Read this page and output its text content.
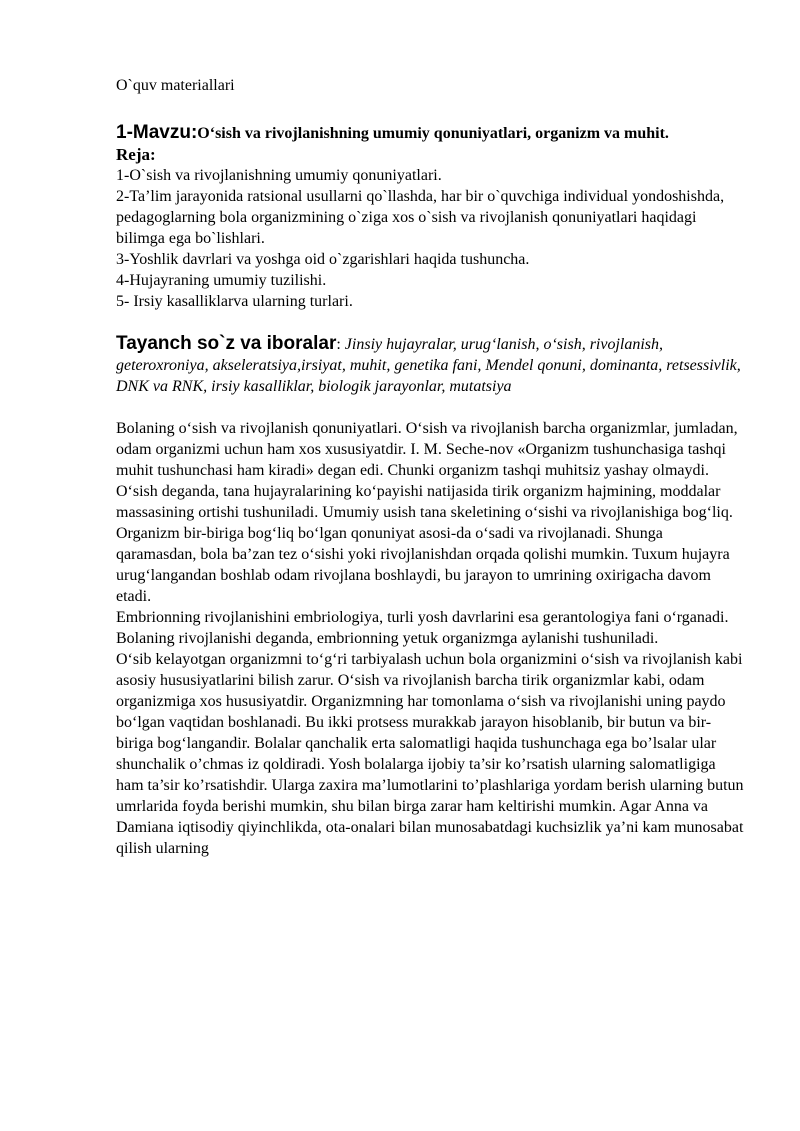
O`quv materiallari

1-Mavzu:O‘sish va rivojlanishning umumiy qonuniyatlari, organizm va muhit.
Reja:
1-O`sish va rivojlanishning umumiy qonuniyatlari.
2-Ta’lim jarayonida ratsional usullarni qo`llashda, har bir o`quvchiga individual yondoshishda, pedagoglarning bola organizmining o`ziga xos o`sish va rivojlanish qonuniyatlari haqidagi bilimga ega bo`lishlari.
3-Yoshlik davrlari va yoshga oid o`zgarishlari haqida tushuncha.
4-Hujayraning umumiy tuzilishi.
5- Irsiy kasalliklarva ularning turlari.
Tayanch so`z va iboralar: Jinsiy hujayralar, urug‘lanish, o‘sish, rivojlanish, geteroxroniya, akseleratsiya,irsiyat, muhit, genetika fani, Mendel qonuni, dominanta, retsessivlik, DNK va RNK, irsiy kasalliklar, biologik jarayonlar, mutatsiya

Bolaning o‘sish va rivojlanish qonuniyatlari. O‘sish va rivojlanish barcha organizmlar, jumladan, odam organizmi uchun ham xos xususiyatdir. I. M. Seche-nov «Organizm tushunchasiga tashqi muhit tushunchasi ham kiradi» degan edi. Chunki organizm tashqi muhitsiz yashay olmaydi.

O‘sish deganda, tana hujayralarining ko‘payishi natijasida tirik organizm hajmining, moddalar massasining ortishi tushuniladi. Umumiy usish tana skeletining o‘sishi va rivojlanishiga bog‘liq.

Organizm bir-biriga bog‘liq bo‘lgan qonuniyat asosi-da o‘sadi va rivojlanadi. Shunga qaramasdan, bola ba’zan tez o‘sishi yoki rivojlanishdan orqada qolishi mumkin. Tuxum hujayra urug‘langandan boshlab odam rivojlana boshlaydi, bu jarayon to umrining oxirigacha davom etadi.

Embrionning rivojlanishini embriologiya, turli yosh davrlarini esa gerantologiya fani o‘rganadi. Bolaning rivojlanishi deganda, embrionning yetuk organizmga aylanishi tushuniladi.

O‘sib kelayotgan organizmni to‘g‘ri tarbiyalash uchun bola organizmini o‘sish va rivojlanish kabi asosiy hususiyatlarini bilish zarur. O‘sish va rivojlanish barcha tirik organizmlar kabi, odam organizmiga xos hususiyatdir. Organizmning har tomonlama o‘sish va rivojlanishi uning paydo bo‘lgan vaqtidan boshlanadi. Bu ikki protsess murakkab jarayon hisoblanib, bir butun va bir-biriga bog‘langandir. Bolalar qanchalik erta salomatligi haqida tushunchaga ega bo’lsalar ular shunchalik o’chmas iz qoldiradi. Yosh bolalarga ijobiy ta’sir ko’rsatish ularning salomatligiga ham ta’sir ko’rsatishdir. Ularga zaxira ma’lumotlarini to’plashlariga yordam berish ularning butun umrlarida foyda berishi mumkin, shu bilan birga zarar ham keltirishi mumkin. Agar Anna va Damiana iqtisodiy qiyinchlikda, ota-onalari bilan munosabatdagi kuchsizlik ya’ni kam munosabat qilish ularning
